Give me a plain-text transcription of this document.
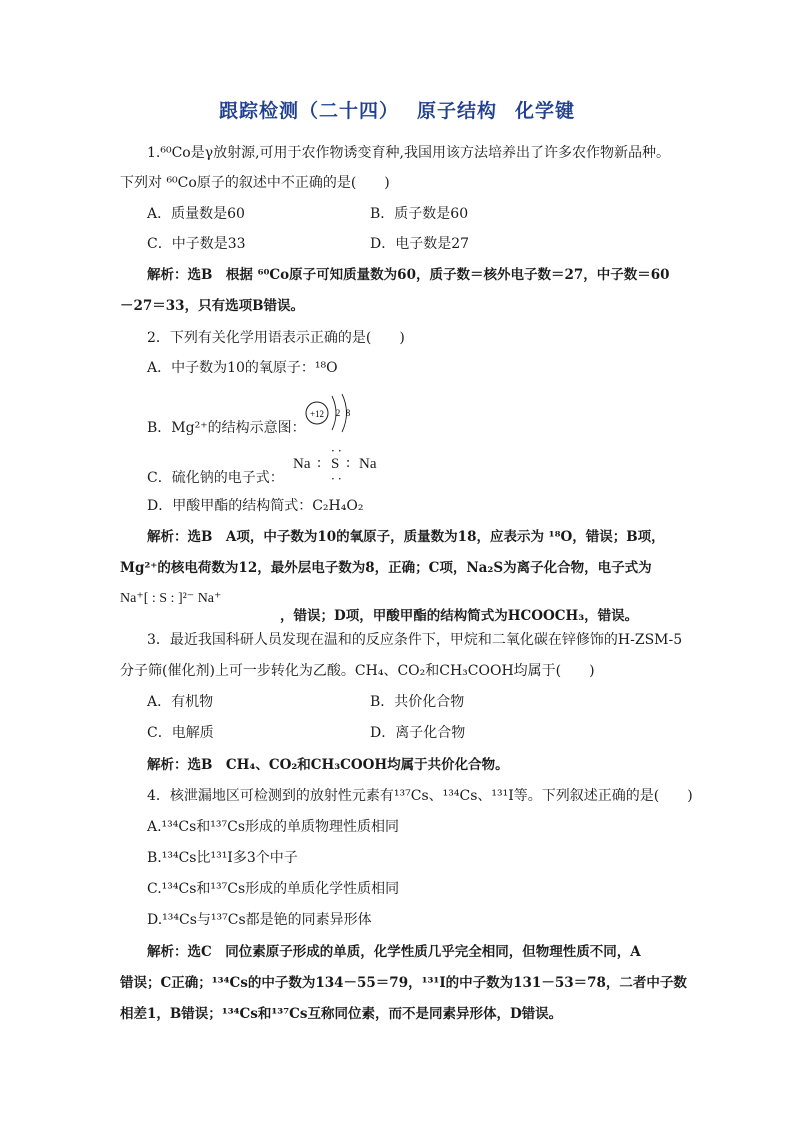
跟踪检测（二十四） 原子结构 化学键
1.⁶⁰Co是γ放射源,可用于农作物诱变育种,我国用该方法培养出了许多农作物新品种。
下列对 ⁶⁰Co原子的叙述中不正确的是(　　)
A．质量数是60	B．质子数是60
C．中子数是33	D．电子数是27
解析：选B　根据 ⁶⁰Co原子可知质量数为60，质子数＝核外电子数＝27，中子数＝60
－27＝33，只有选项B错误。
2．下列有关化学用语表示正确的是(　　)
A．中子数为10的氧原子：¹⁸O
B．Mg²⁺的结构示意图：
+12 2 8
C．硫化钠的电子式：
Na : S
··
··
: Na
D．甲酸甲酯的结构简式：C₂H₄O₂
解析：选B　A项，中子数为10的氧原子，质量数为18，应表示为 ¹⁸O，错误；B项，
Mg²⁺的核电荷数为12，最外层电子数为8，正确；C项，Na₂S为离子化合物，电子式为
Na⁺[ : S : ]²⁻ Na⁺
，错误；D项，甲酸甲酯的结构简式为HCOOCH₃，错误。
3．最近我国科研人员发现在温和的反应条件下，甲烷和二氧化碳在锌修饰的H-ZSM-5
分子筛(催化剂)上可一步转化为乙酸。CH₄、CO₂和CH₃COOH均属于(　　)
A．有机物	B．共价化合物
C．电解质	D．离子化合物
解析：选B　CH₄、CO₂和CH₃COOH均属于共价化合物。
4．核泄漏地区可检测到的放射性元素有¹³⁷Cs、¹³⁴Cs、¹³¹I等。下列叙述正确的是(　　)
A.¹³⁴Cs和¹³⁷Cs形成的单质物理性质相同
B.¹³⁴Cs比¹³¹I多3个中子
C.¹³⁴Cs和¹³⁷Cs形成的单质化学性质相同
D.¹³⁴Cs与¹³⁷Cs都是铯的同素异形体
解析：选C　同位素原子形成的单质，化学性质几乎完全相同，但物理性质不同，A
错误；C正确；¹³⁴Cs的中子数为134－55＝79，¹³¹I的中子数为131－53＝78，二者中子数
相差1，B错误；¹³⁴Cs和¹³⁷Cs互称同位素，而不是同素异形体，D错误。
